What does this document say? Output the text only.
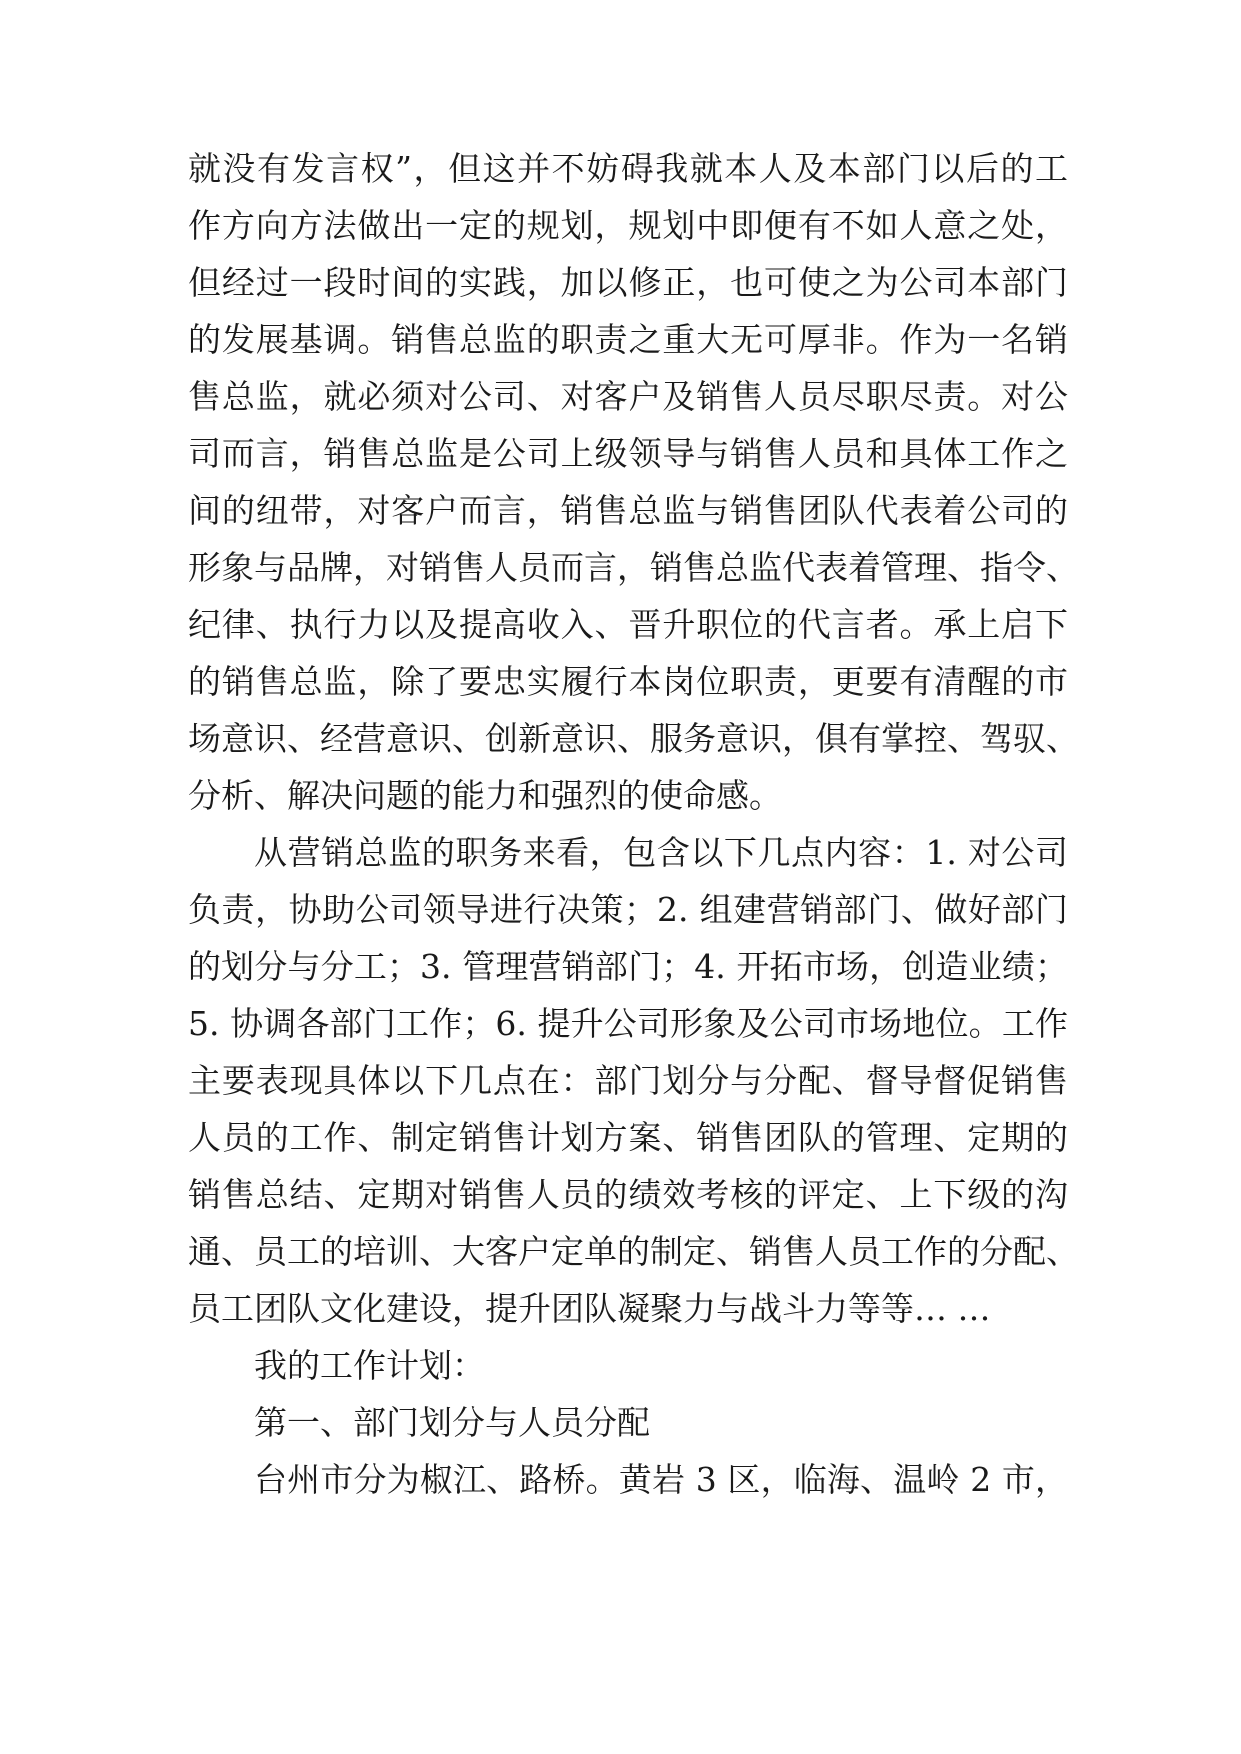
就没有发言权”，但这并不妨碍我就本人及本部门以后的工

作方向方法做出一定的规划，规划中即便有不如人意之处，

但经过一段时间的实践，加以修正，也可使之为公司本部门

的发展基调。销售总监的职责之重大无可厚非。作为一名销

售总监，就必须对公司、对客户及销售人员尽职尽责。对公

司而言，销售总监是公司上级领导与销售人员和具体工作之

间的纽带，对客户而言，销售总监与销售团队代表着公司的

形象与品牌，对销售人员而言，销售总监代表着管理、指令、

纪律、执行力以及提高收入、晋升职位的代言者。承上启下

的销售总监，除了要忠实履行本岗位职责，更要有清醒的市

场意识、经营意识、创新意识、服务意识，俱有掌控、驾驭、

分析、解决问题的能力和强烈的使命感。

从营销总监的职务来看，包含以下几点内容：1. 对公司

负责，协助公司领导进行决策；2. 组建营销部门、做好部门

的划分与分工；3. 管理营销部门；4. 开拓市场，创造业绩；

5. 协调各部门工作；6. 提升公司形象及公司市场地位。工作

主要表现具体以下几点在：部门划分与分配、督导督促销售

人员的工作、制定销售计划方案、销售团队的管理、定期的

销售总结、定期对销售人员的绩效考核的评定、上下级的沟

通、员工的培训、大客户定单的制定、销售人员工作的分配、

员工团队文化建设，提升团队凝聚力与战斗力等等… …

我的工作计划：

第一、部门划分与人员分配

台州市分为椒江、路桥。黄岩 3 区，临海、温岭 2 市，
